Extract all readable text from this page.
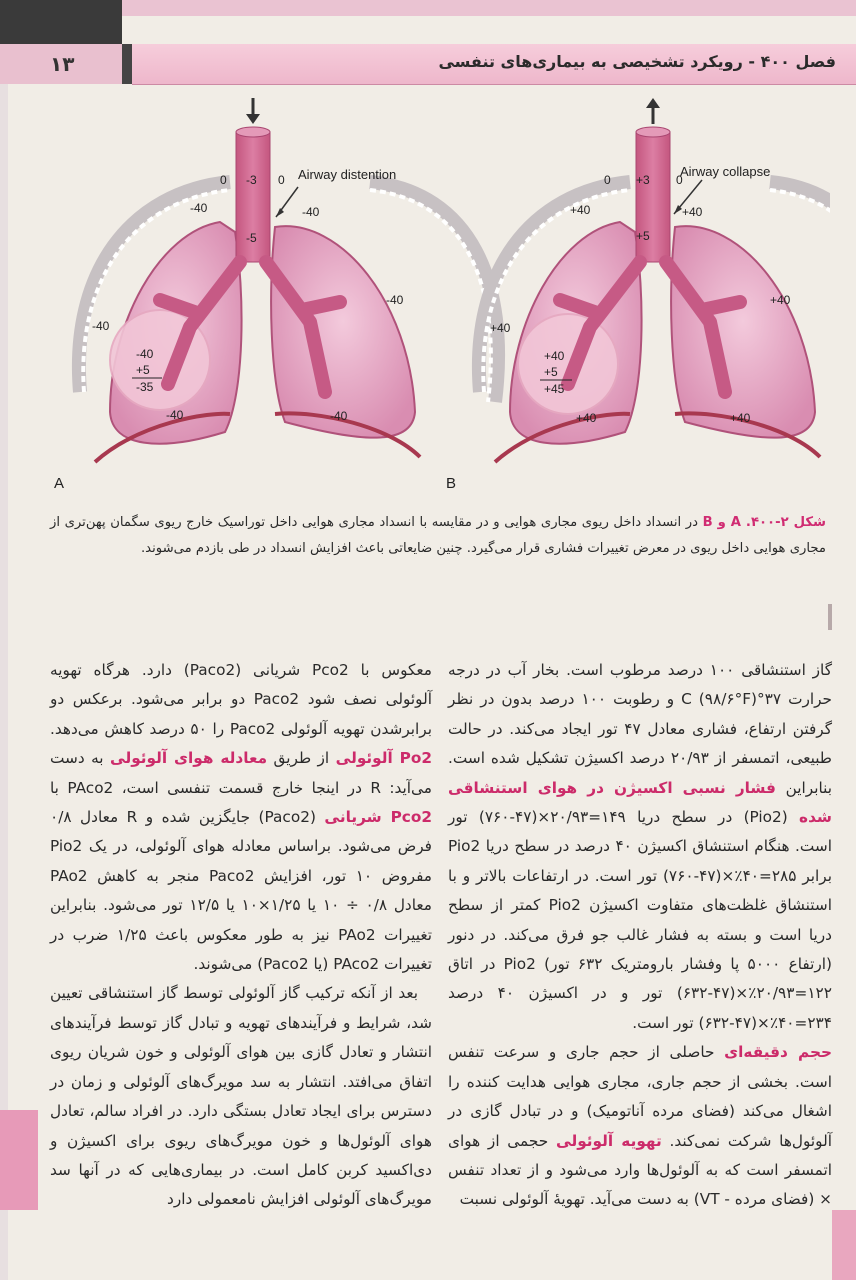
فصل ۴۰۰ - رویکرد تشخیصی به بیماری‌های تنفسی
۱۳
Airway distention
0 -3 0
-5
-40	-40
-40
-40
-40
+5
-35
-40	-40
A
Airway collapse
0 +3 0
+5
+40	+40
+40
+40
+40
+5
+45
+40	+40
B
شکل ۲-۴۰۰. A و B در انسداد داخل ریوی مجاری هوایی و در مقایسه با انسداد مجاری هوایی داخل توراسیک خارج ریوی سگمان پهن‌تری از مجاری هوایی داخل ریوی در معرض تغییرات فشاری قرار می‌گیرد. چنین ضایعاتی باعث افزایش انسداد در طی بازدم می‌شوند.

گاز استنشاقی ۱۰۰ درصد مرطوب است. بخار آب در درجه حرارت ۳۷°C (۹۸/۶°F) و رطوبت ۱۰۰ درصد بدون در نظر گرفتن ارتفاع، فشاری معادل ۴۷ تور ایجاد می‌کند. در حالت طبیعی، اتمسفر از ۲۰/۹۳ درصد اکسیژن تشکیل شده است. بنابراین فشار نسبی اکسیژن در هوای استنشاقی شده (Pio2) در سطح دریا ۱۴۹=۲۰/۹۳×(۴۷-۷۶۰) تور است. هنگام استنشاق اکسیژن ۴۰ درصد در سطح دریا Pio2 برابر ۲۸۵=۴۰٪×(۴۷-۷۶۰) تور است. در ارتفاعات بالاتر و با استنشاق غلظت‌های متفاوت اکسیژن Pio2 کمتر از سطح دریا است و بسته به فشار غالب جو فرق می‌کند. در دنور (ارتفاع ۵۰۰۰ پا وفشار بارومتریک ۶۳۲ تور) Pio2 در اتاق ۱۲۲=۲۰/۹۳٪×(۴۷-۶۳۲) تور و در اکسیژن ۴۰ درصد ۲۳۴=۴۰٪×(۴۷-۶۳۲) تور است.

حجم دقیقه‌ای حاصلی از حجم جاری و سرعت تنفس است. بخشی از حجم جاری، مجاری هوایی هدایت کننده را اشغال می‌کند (فضای مرده آناتومیک) و در تبادل گازی در آلوئول‌ها شرکت نمی‌کند. تهویه آلوئولی حجمی از هوای اتمسفر است که به آلوئول‌ها وارد می‌شود و از تعداد تنفس × (فضای مرده - VT) به دست می‌آید. تهویهٔ آلوئولی نسبت

معکوس با Pco2 شریانی (Paco2) دارد. هرگاه تهویه آلوئولی نصف شود Paco2 دو برابر می‌شود. برعکس دو برابرشدن تهویه آلوئولی Paco2 را ۵۰ درصد کاهش می‌دهد. Po2 آلوئولی از طریق معادله هوای آلوئولی به دست می‌آید: R در اینجا خارج قسمت تنفسی است، PAco2 با Pco2 شریانی (Paco2) جایگزین شده و R معادل ۰/۸ فرض می‌شود. براساس معادله هوای آلوئولی، در یک Pio2 مفروض ۱۰ تور، افزایش Paco2 منجر به کاهش PAo2 معادل ۰/۸ ÷ ۱۰ یا ۱/۲۵×۱۰ یا ۱۲/۵ تور می‌شود. بنابراین تغییرات PAo2 نیز به طور معکوس باعث ۱/۲۵ ضرب در تغییرات PAco2 (یا Paco2) می‌شوند.

بعد از آنکه ترکیب گاز آلوئولی توسط گاز استنشاقی تعیین شد، شرایط و فرآیندهای تهویه و تبادل گاز توسط فرآیندهای انتشار و تعادل گازی بین هوای آلوئولی و خون شریان ریوی اتفاق می‌افتد. انتشار به سد مویرگ‌های آلوئولی و زمان در دسترس برای ایجاد تعادل بستگی دارد. در افراد سالم، تعادل هوای آلوئول‌ها و خون مویرگ‌های ریوی برای اکسیژن و دی‌اکسید کربن کامل است. در بیماری‌هایی که در آنها سد مویرگ‌های آلوئولی افزایش نامعمولی دارد
